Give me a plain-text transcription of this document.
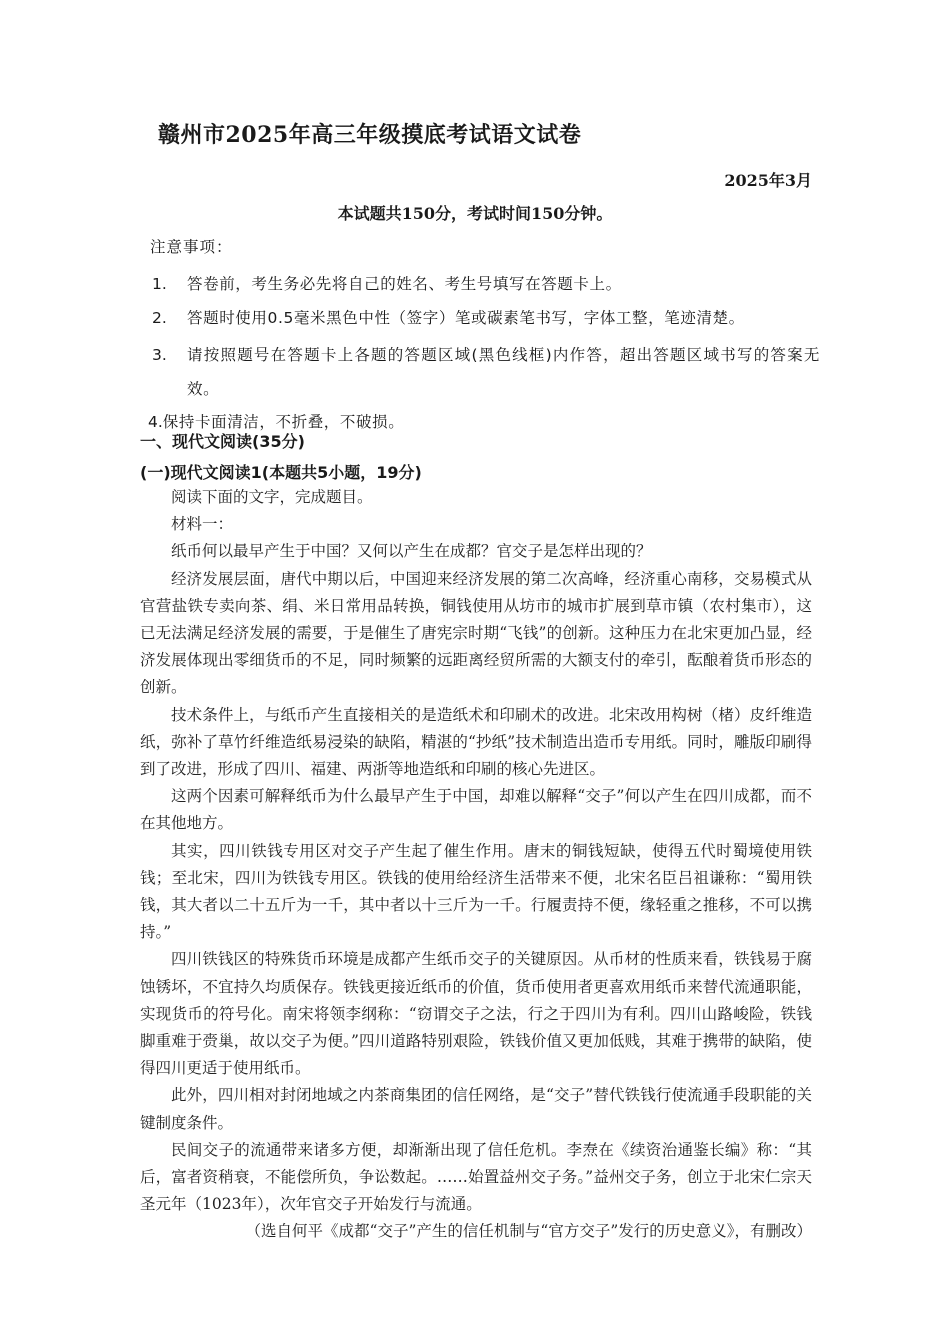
赣州市2025年高三年级摸底考试语文试卷
2025年3月
本试题共150分，考试时间150分钟。
注意事项：
1.	答卷前，考生务必先将自己的姓名、考生号填写在答题卡上。
2.	答题时使用0.5毫米黑色中性（签字）笔或碳素笔书写，字体工整，笔迹清楚。
3.	请按照题号在答题卡上各题的答题区域(黑色线框)内作答，超出答题区域书写的答案无效。
4. 保持卡面清洁，不折叠，不破损。
一、现代文阅读(35分)
(一)现代文阅读1(本题共5小题，19分)

阅读下面的文字，完成题目。

材料一：

纸币何以最早产生于中国？又何以产生在成都？官交子是怎样出现的？

经济发展层面，唐代中期以后，中国迎来经济发展的第二次高峰，经济重心南移，交易模式从官营盐铁专卖向茶、绢、米日常用品转换，铜钱使用从坊市的城市扩展到草市镇（农村集市），这已无法满足经济发展的需要，于是催生了唐宪宗时期“飞钱”的创新。这种压力在北宋更加凸显，经济发展体现出零细货币的不足，同时频繁的远距离经贸所需的大额支付的牵引，酝酿着货币形态的创新。

技术条件上，与纸币产生直接相关的是造纸术和印刷术的改进。北宋改用构树（楮）皮纤维造纸，弥补了草竹纤维造纸易浸染的缺陷，精湛的“抄纸”技术制造出造币专用纸。同时，雕版印刷得到了改进，形成了四川、福建、两浙等地造纸和印刷的核心先进区。

这两个因素可解释纸币为什么最早产生于中国，却难以解释“交子”何以产生在四川成都，而不在其他地方。

其实，四川铁钱专用区对交子产生起了催生作用。唐末的铜钱短缺，使得五代时蜀境使用铁钱；至北宋，四川为铁钱专用区。铁钱的使用给经济生活带来不便，北宋名臣吕祖谦称：“蜀用铁钱，其大者以二十五斤为一千，其中者以十三斤为一千。行履责持不便，缘轻重之推移，不可以携持。”

四川铁钱区的特殊货币环境是成都产生纸币交子的关键原因。从币材的性质来看，铁钱易于腐蚀锈坏，不宜持久均质保存。铁钱更接近纸币的价值，货币使用者更喜欢用纸币来替代流通职能，实现货币的符号化。南宋将领李纲称：“窃谓交子之法，行之于四川为有利。四川山路峻险，铁钱脚重难于赍巢，故以交子为便。”四川道路特别艰险，铁钱价值又更加低贱，其难于携带的缺陷，使得四川更适于使用纸币。

此外，四川相对封闭地域之内茶商集团的信任网络，是“交子”替代铁钱行使流通手段职能的关键制度条件。

民间交子的流通带来诸多方便，却渐渐出现了信任危机。李焘在《续资治通鉴长编》称：“其后，富者资稍衰，不能偿所负，争讼数起。……始置益州交子务。”益州交子务，创立于北宋仁宗天圣元年（1023年），次年官交子开始发行与流通。

（选自何平《成都“交子”产生的信任机制与“官方交子”发行的历史意义》，有删改）
